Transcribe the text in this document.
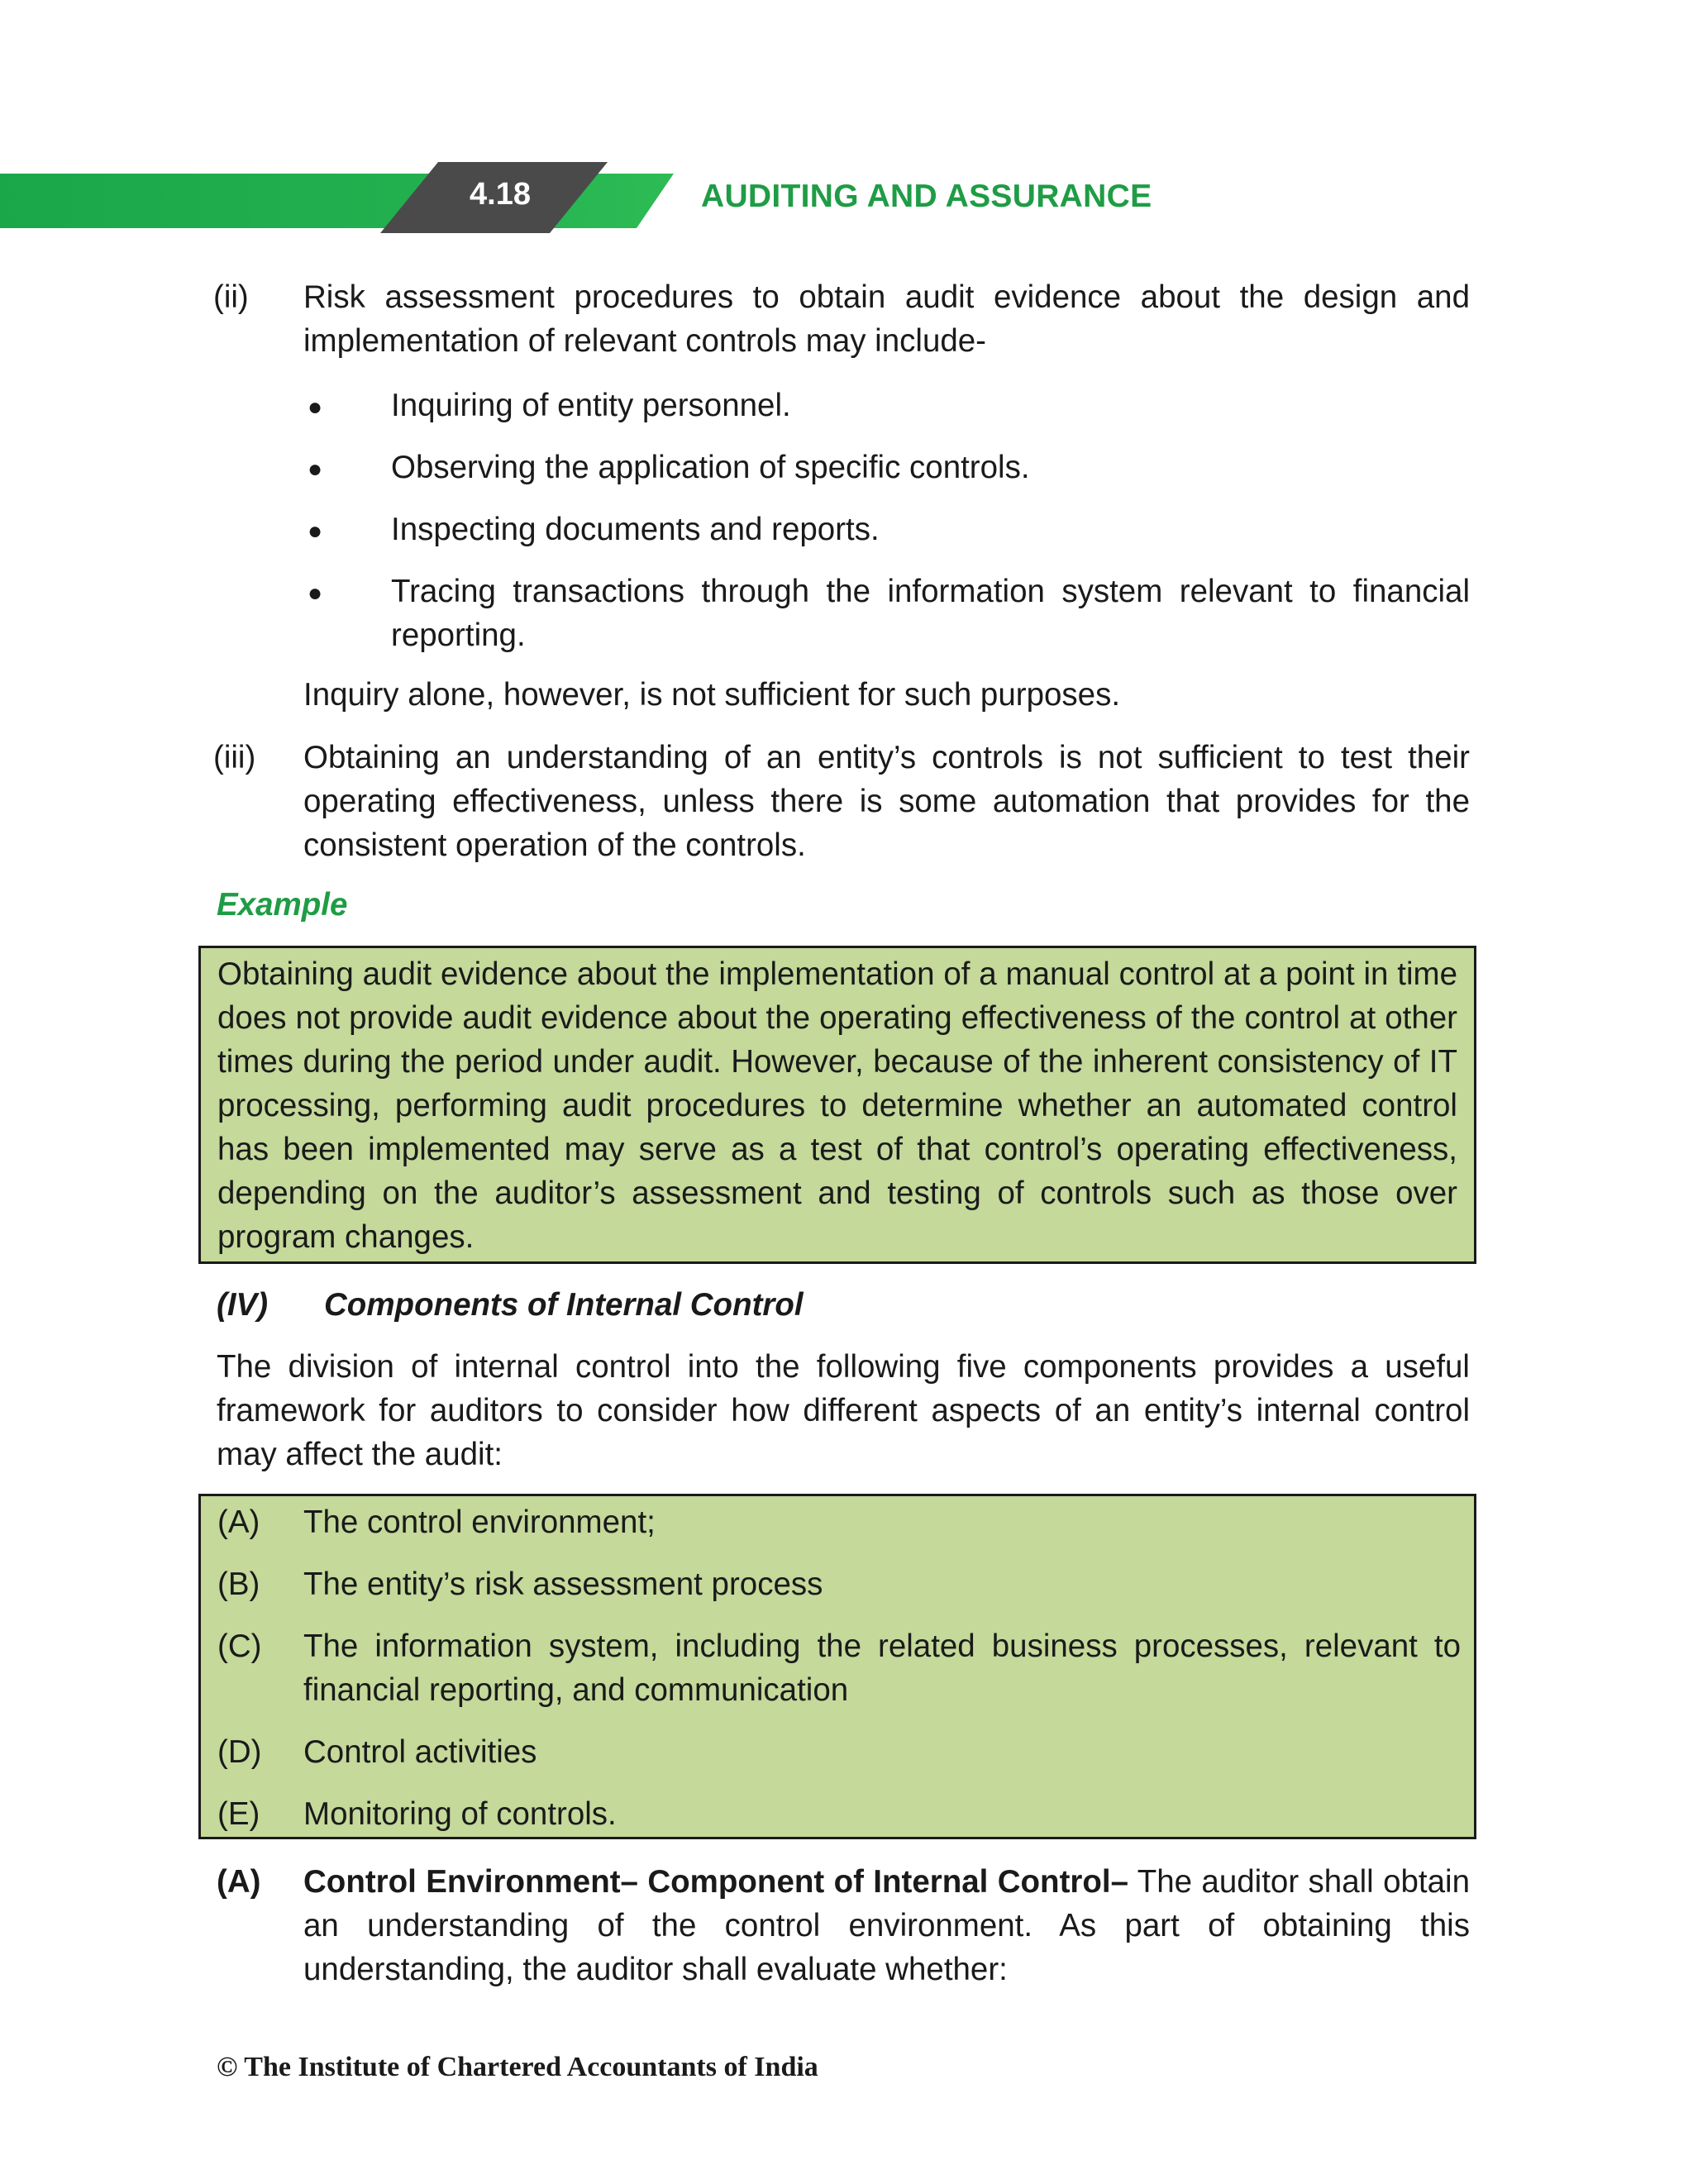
4.18	AUDITING AND ASSURANCE
(ii) Risk assessment procedures to obtain audit evidence about the design and implementation of relevant controls may include-
● Inquiring of entity personnel.
● Observing the application of specific controls.
● Inspecting documents and reports.
● Tracing transactions through the information system relevant to financial reporting.
Inquiry alone, however, is not sufficient for such purposes.
(iii) Obtaining an understanding of an entity’s controls is not sufficient to test their operating effectiveness, unless there is some automation that provides for the consistent operation of the controls.
Example
Obtaining audit evidence about the implementation of a manual control at a point in time does not provide audit evidence about the operating effectiveness of the control at other times during the period under audit. However, because of the inherent consistency of IT processing, performing audit procedures to determine whether an automated control has been implemented may serve as a test of that control’s operating effectiveness, depending on the auditor’s assessment and testing of controls such as those over program changes.
(IV) Components of Internal Control
The division of internal control into the following five components provides a useful framework for auditors to consider how different aspects of an entity’s internal control may affect the audit:
(A) The control environment;
(B) The entity’s risk assessment process
(C) The information system, including the related business processes, relevant to financial reporting, and communication
(D) Control activities
(E) Monitoring of controls.
(A) Control Environment– Component of Internal Control– The auditor shall obtain an understanding of the control environment. As part of obtaining this understanding, the auditor shall evaluate whether:
© The Institute of Chartered Accountants of India
